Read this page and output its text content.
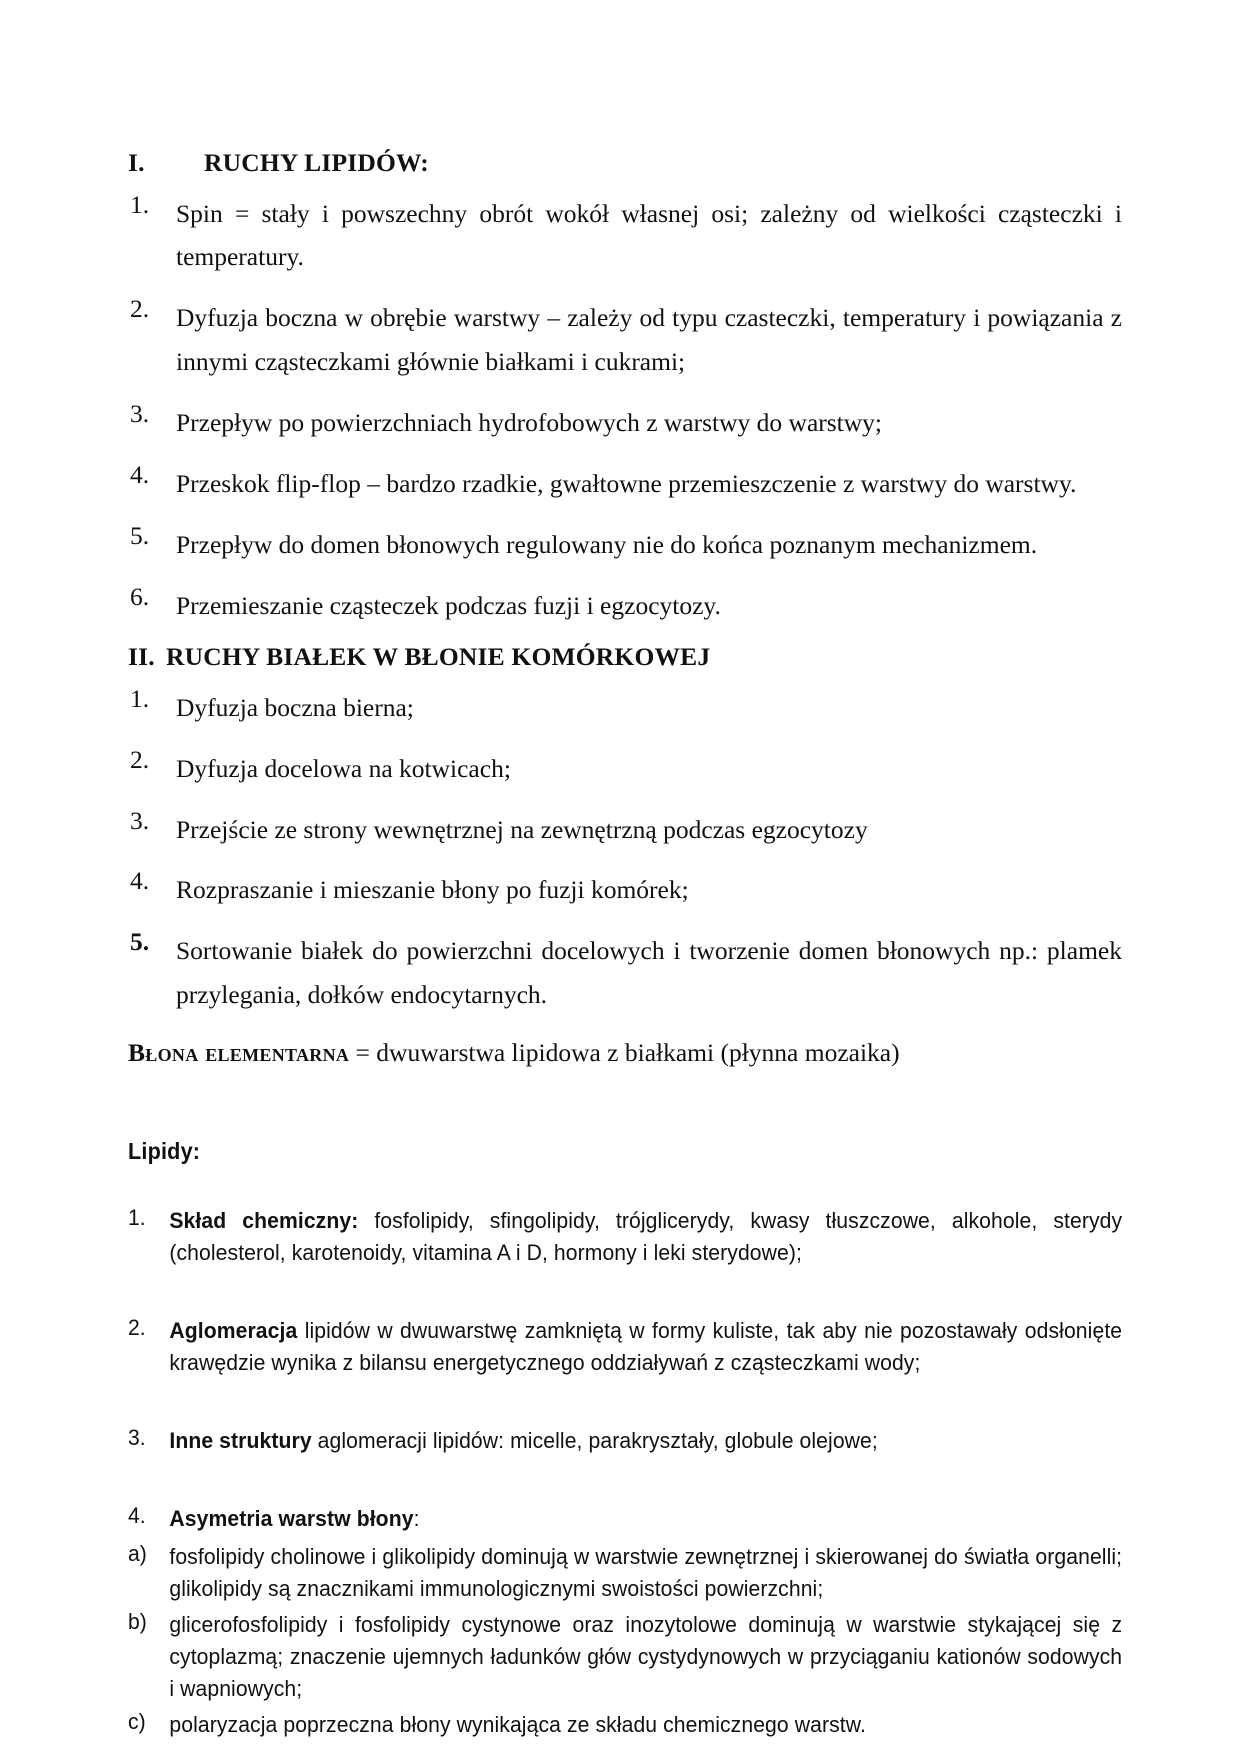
I.	RUCHY LIPIDÓW:
1.	Spin = stały i powszechny obrót wokół własnej osi; zależny od wielkości cząsteczki i temperatury.
2.	Dyfuzja boczna w obrębie warstwy – zależy od typu czasteczki, temperatury i powiązania z innymi cząsteczkami głównie białkami i cukrami;
3.	Przepływ po powierzchniach hydrofobowych z warstwy do warstwy;
4.	Przeskok flip-flop – bardzo rzadkie, gwałtowne przemieszczenie z warstwy do warstwy.
5.	Przepływ do domen błonowych regulowany nie do końca poznanym mechanizmem.
6.	Przemieszanie cząsteczek podczas fuzji i egzocytozy.
II. RUCHY BIAŁEK W BŁONIE KOMÓRKOWEJ
1.	Dyfuzja boczna bierna;
2.	Dyfuzja docelowa na kotwicach;
3.	Przejście ze strony wewnętrznej na zewnętrzną podczas egzocytozy
4.	Rozpraszanie i mieszanie błony po fuzji komórek;
5.	Sortowanie białek do powierzchni docelowych i tworzenie domen błonowych np.: plamek przylegania, dołków endocytarnych.
Błona elementarna = dwuwarstwa lipidowa z białkami (płynna mozaika)
Lipidy:
1.	Skład chemiczny: fosfolipidy, sfingolipidy, trójglicerydy, kwasy tłuszczowe, alkohole, sterydy (cholesterol, karotenoidy, vitamina A i D, hormony i leki sterydowe);
2.	Aglomeracja lipidów w dwuwarstwę zamkniętą w formy kuliste, tak aby nie pozostawały odsłonięte krawędzie wynika z bilansu energetycznego oddziaływań z cząsteczkami wody;
3.	Inne struktury aglomeracji lipidów: micelle, parakryształy, globule olejowe;
4.	Asymetria warstw błony:
a)	fosfolipidy cholinowe i glikolipidy dominują w warstwie zewnętrznej i skierowanej do światła organelli; glikolipidy są znacznikami immunologicznymi swoistości powierzchni;
b)	glicerofosfolipidy i fosfolipidy cystynowe oraz inozytolowe dominują w warstwie stykającej się z cytoplazmą; znaczenie ujemnych ładunków głów cystydynowych w przyciąganiu kationów sodowych i wapniowych;
c)	polaryzacja poprzeczna błony wynikająca ze składu chemicznego warstw.
